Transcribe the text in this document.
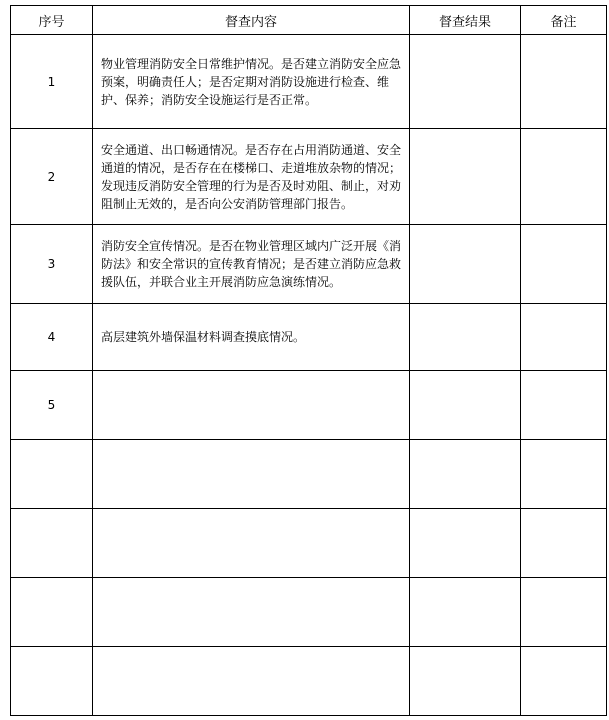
序号	督查内容	督查结果	备注
1	物业管理消防安全日常维护情况。是否建立消防安全应急预案，明确责任人；是否定期对消防设施进行检查、维护、保养；消防安全设施运行是否正常。		
2	安全通道、出口畅通情况。是否存在占用消防通道、安全通道的情况，是否存在在楼梯口、走道堆放杂物的情况；发现违反消防安全管理的行为是否及时劝阻、制止，对劝阻制止无效的，是否向公安消防管理部门报告。		
3	消防安全宣传情况。是否在物业管理区域内广泛开展《消防法》和安全常识的宣传教育情况；是否建立消防应急救援队伍，并联合业主开展消防应急演练情况。		
4	高层建筑外墙保温材料调查摸底情况。		
5			
